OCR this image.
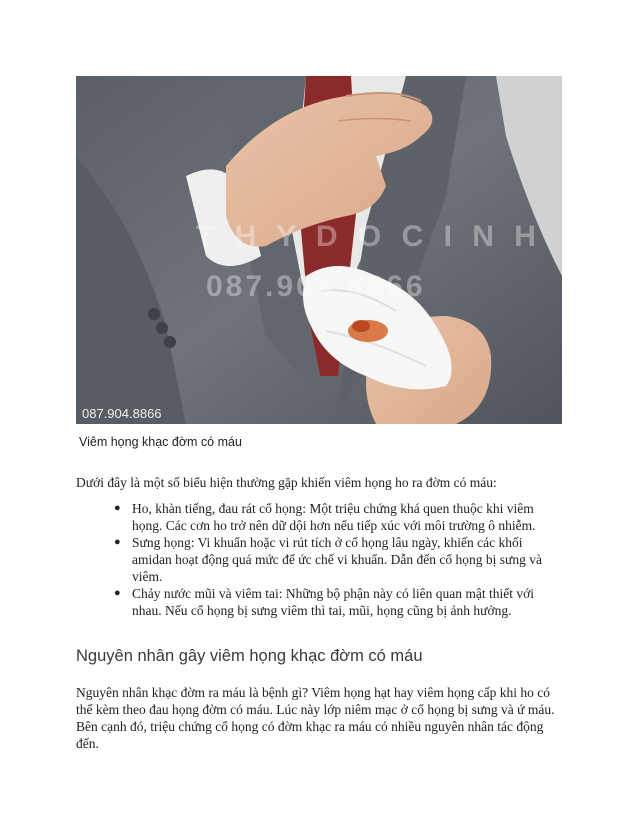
T H Y D O C I N H
087.904.8866
087.904.8866
Viêm họng khạc đờm có máu
Dưới đây là một số biểu hiện thường gặp khiến viêm họng ho ra đờm có máu:
● Ho, khàn tiếng, đau rát cổ họng: Một triệu chứng khá quen thuộc khi viêm họng. Các cơn ho trở nên dữ dội hơn nếu tiếp xúc với môi trường ô nhiễm.
● Sưng họng: Vi khuẩn hoặc vi rút tích ở cổ họng lâu ngày, khiến các khối amidan hoạt động quá mức để ức chế vi khuẩn. Dẫn đến cổ họng bị sưng và viêm.
● Chảy nước mũi và viêm tai: Những bộ phận này có liên quan mật thiết với nhau. Nếu cổ họng bị sưng viêm thì tai, mũi, họng cũng bị ảnh hưởng.
Nguyên nhân gây viêm họng khạc đờm có máu
Nguyên nhân khạc đờm ra máu là bệnh gì? Viêm họng hạt hay viêm họng cấp khi ho có thể kèm theo đau họng đờm có máu. Lúc này lớp niêm mạc ở cổ họng bị sưng và ứ máu. Bên cạnh đó, triệu chứng cổ họng có đờm khạc ra máu có nhiều nguyên nhân tác động đến.
